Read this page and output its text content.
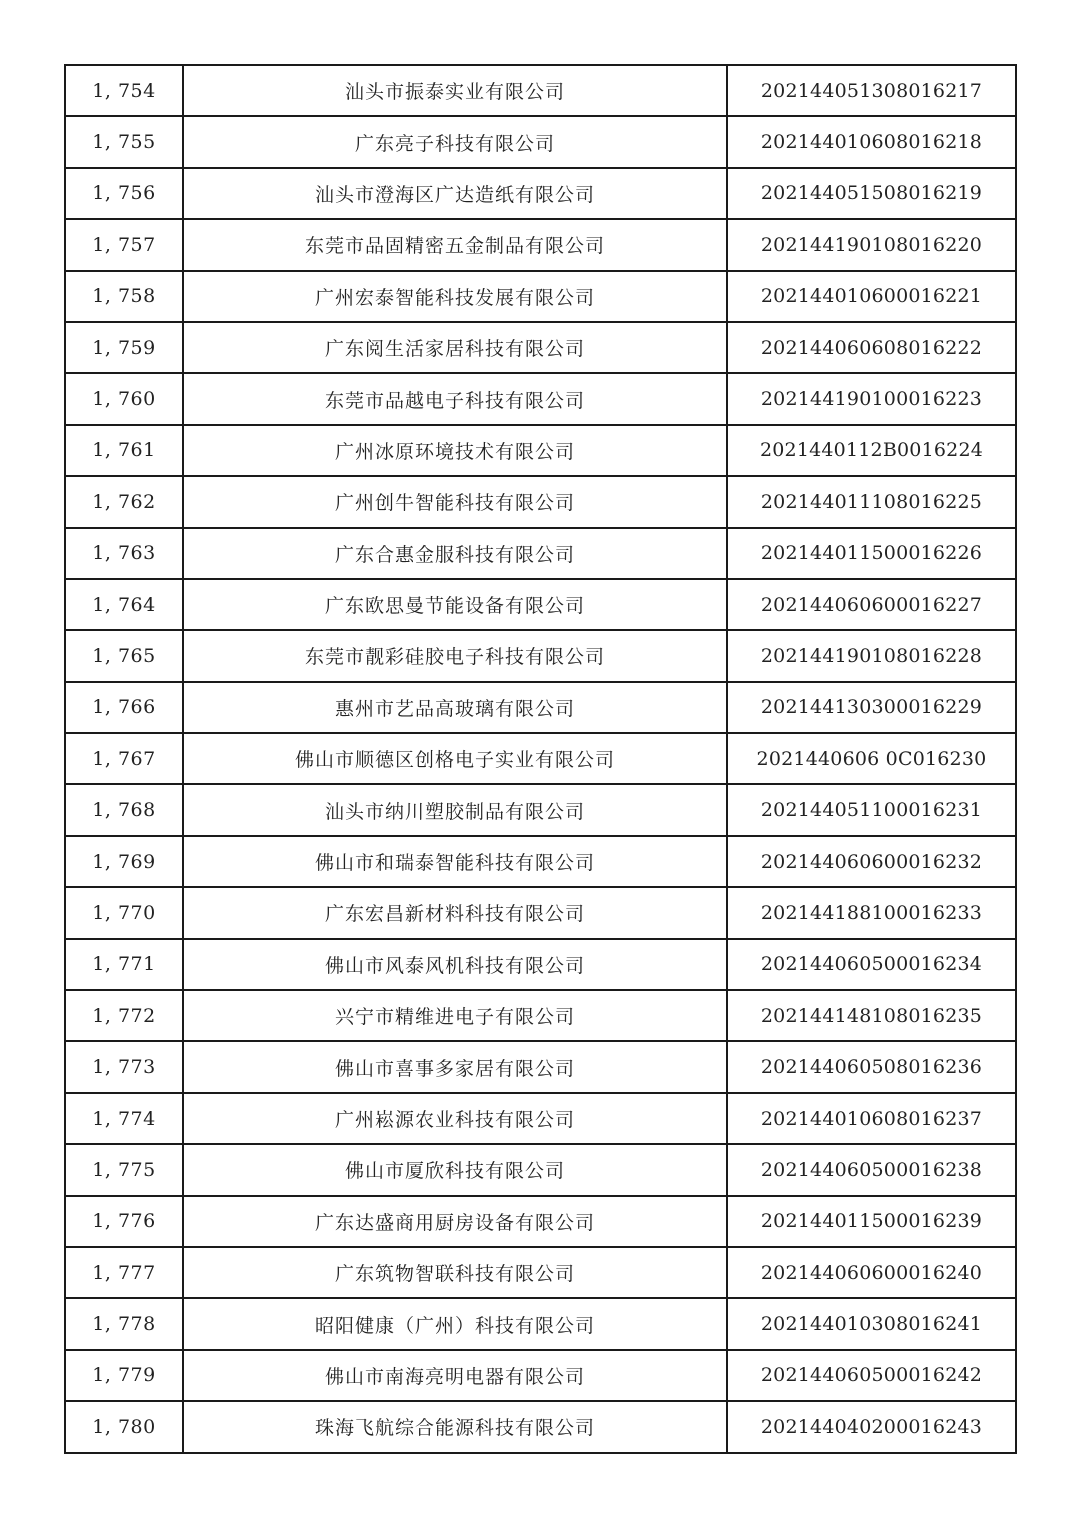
1, 754	汕头市振泰实业有限公司	202144051308016217
1, 755	广东亮子科技有限公司	202144010608016218
1, 756	汕头市澄海区广达造纸有限公司	202144051508016219
1, 757	东莞市品固精密五金制品有限公司	202144190108016220
1, 758	广州宏泰智能科技发展有限公司	202144010600016221
1, 759	广东阅生活家居科技有限公司	202144060608016222
1, 760	东莞市品越电子科技有限公司	202144190100016223
1, 761	广州冰原环境技术有限公司	2021440112B0016224
1, 762	广州创牛智能科技有限公司	202144011108016225
1, 763	广东合惠金服科技有限公司	202144011500016226
1, 764	广东欧思曼节能设备有限公司	202144060600016227
1, 765	东莞市靓彩硅胶电子科技有限公司	202144190108016228
1, 766	惠州市艺品高玻璃有限公司	202144130300016229
1, 767	佛山市顺德区创格电子实业有限公司	2021440606 0C016230
1, 768	汕头市纳川塑胶制品有限公司	202144051100016231
1, 769	佛山市和瑞泰智能科技有限公司	202144060600016232
1, 770	广东宏昌新材料科技有限公司	202144188100016233
1, 771	佛山市风泰风机科技有限公司	202144060500016234
1, 772	兴宁市精维进电子有限公司	202144148108016235
1, 773	佛山市喜事多家居有限公司	202144060508016236
1, 774	广州崧源农业科技有限公司	202144010608016237
1, 775	佛山市厦欣科技有限公司	202144060500016238
1, 776	广东达盛商用厨房设备有限公司	202144011500016239
1, 777	广东筑物智联科技有限公司	202144060600016240
1, 778	昭阳健康（广州）科技有限公司	202144010308016241
1, 779	佛山市南海亮明电器有限公司	202144060500016242
1, 780	珠海飞航综合能源科技有限公司	202144040200016243
